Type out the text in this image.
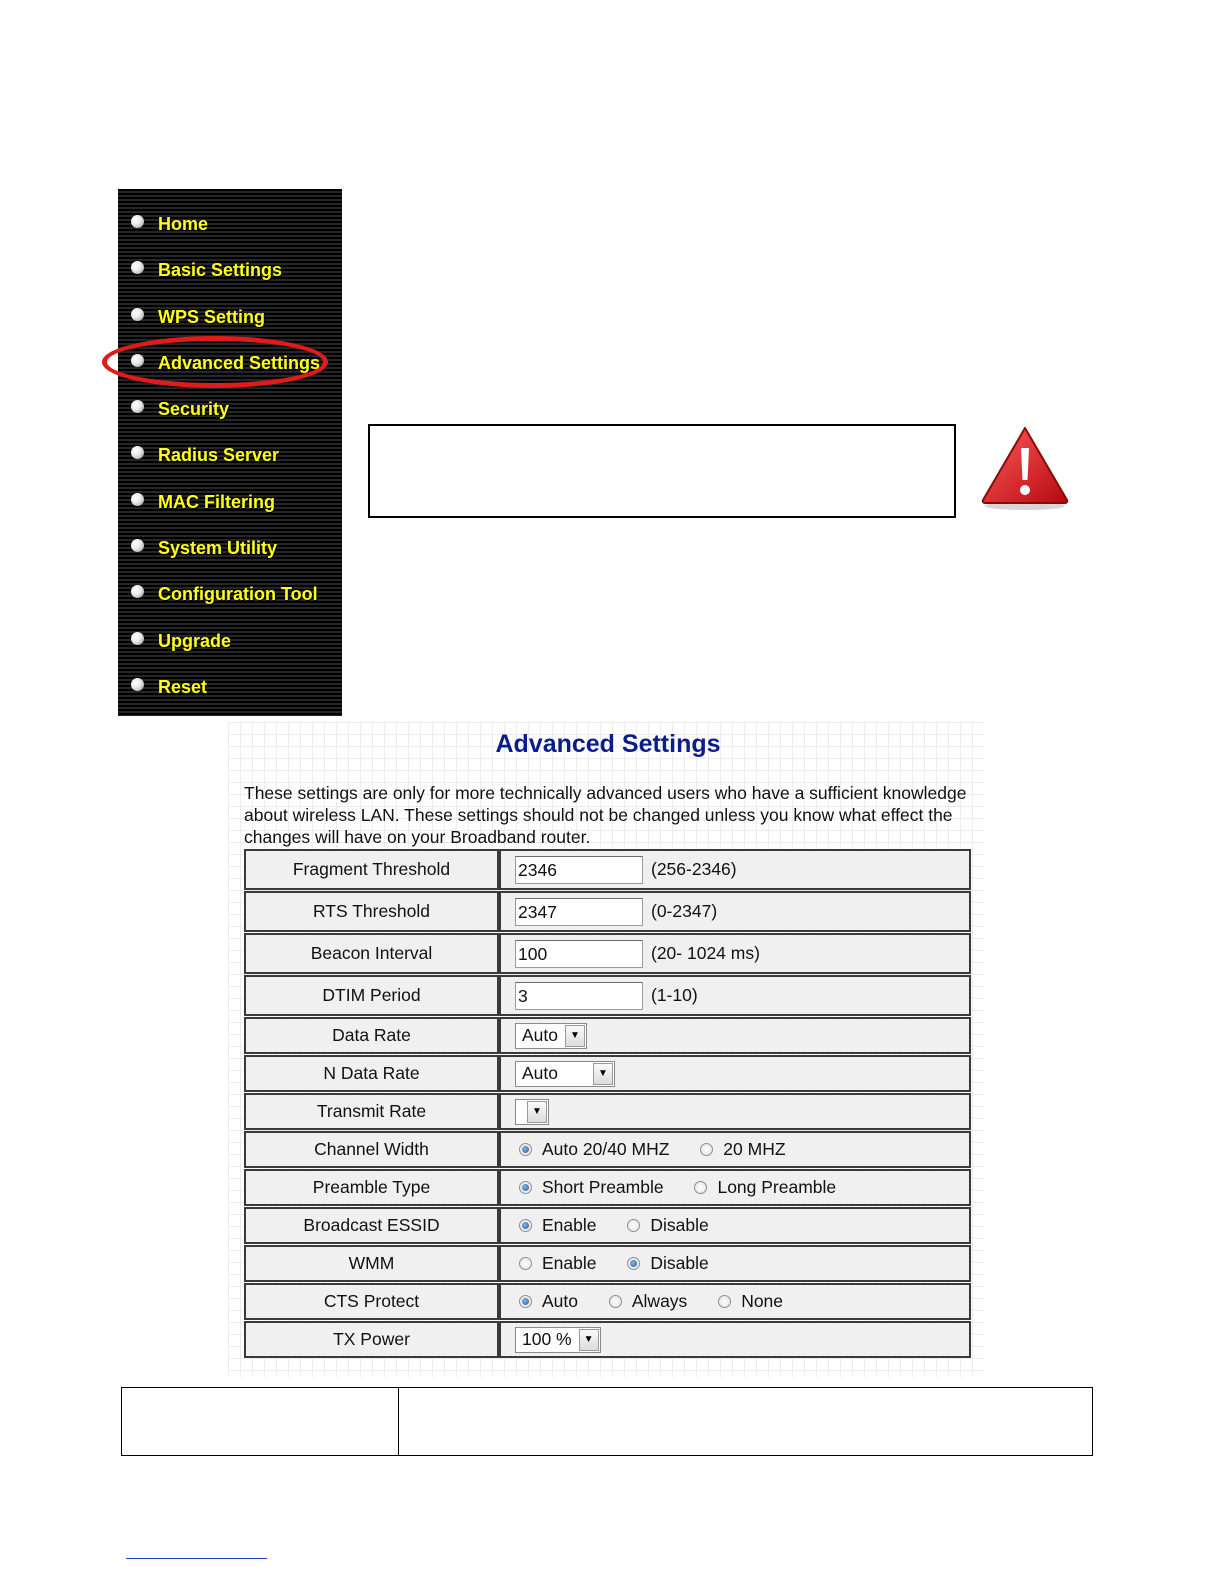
Home
Basic Settings
WPS Setting
Advanced Settings
Security
Radius Server
MAC Filtering
System Utility
Configuration Tool
Upgrade
Reset
Advanced Settings
These settings are only for more technically advanced users who have a sufficient knowledge about wireless LAN. These settings should not be changed unless you know what effect the changes will have on your Broadband router.
Fragment Threshold	2346 (256-2346)
RTS Threshold	2347 (0-2347)
Beacon Interval	100 (20- 1024 ms)
DTIM Period	3 (1-10)
Data Rate	Auto ▼

N Data Rate	Auto ▼

Transmit Rate	▼

Channel Width	Auto 20/40 MHZ 20 MHZ
Preamble Type	Short Preamble Long Preamble
Broadcast ESSID	Enable Disable
WMM	Enable Disable
CTS Protect	Auto Always None
TX Power	100 % ▼
